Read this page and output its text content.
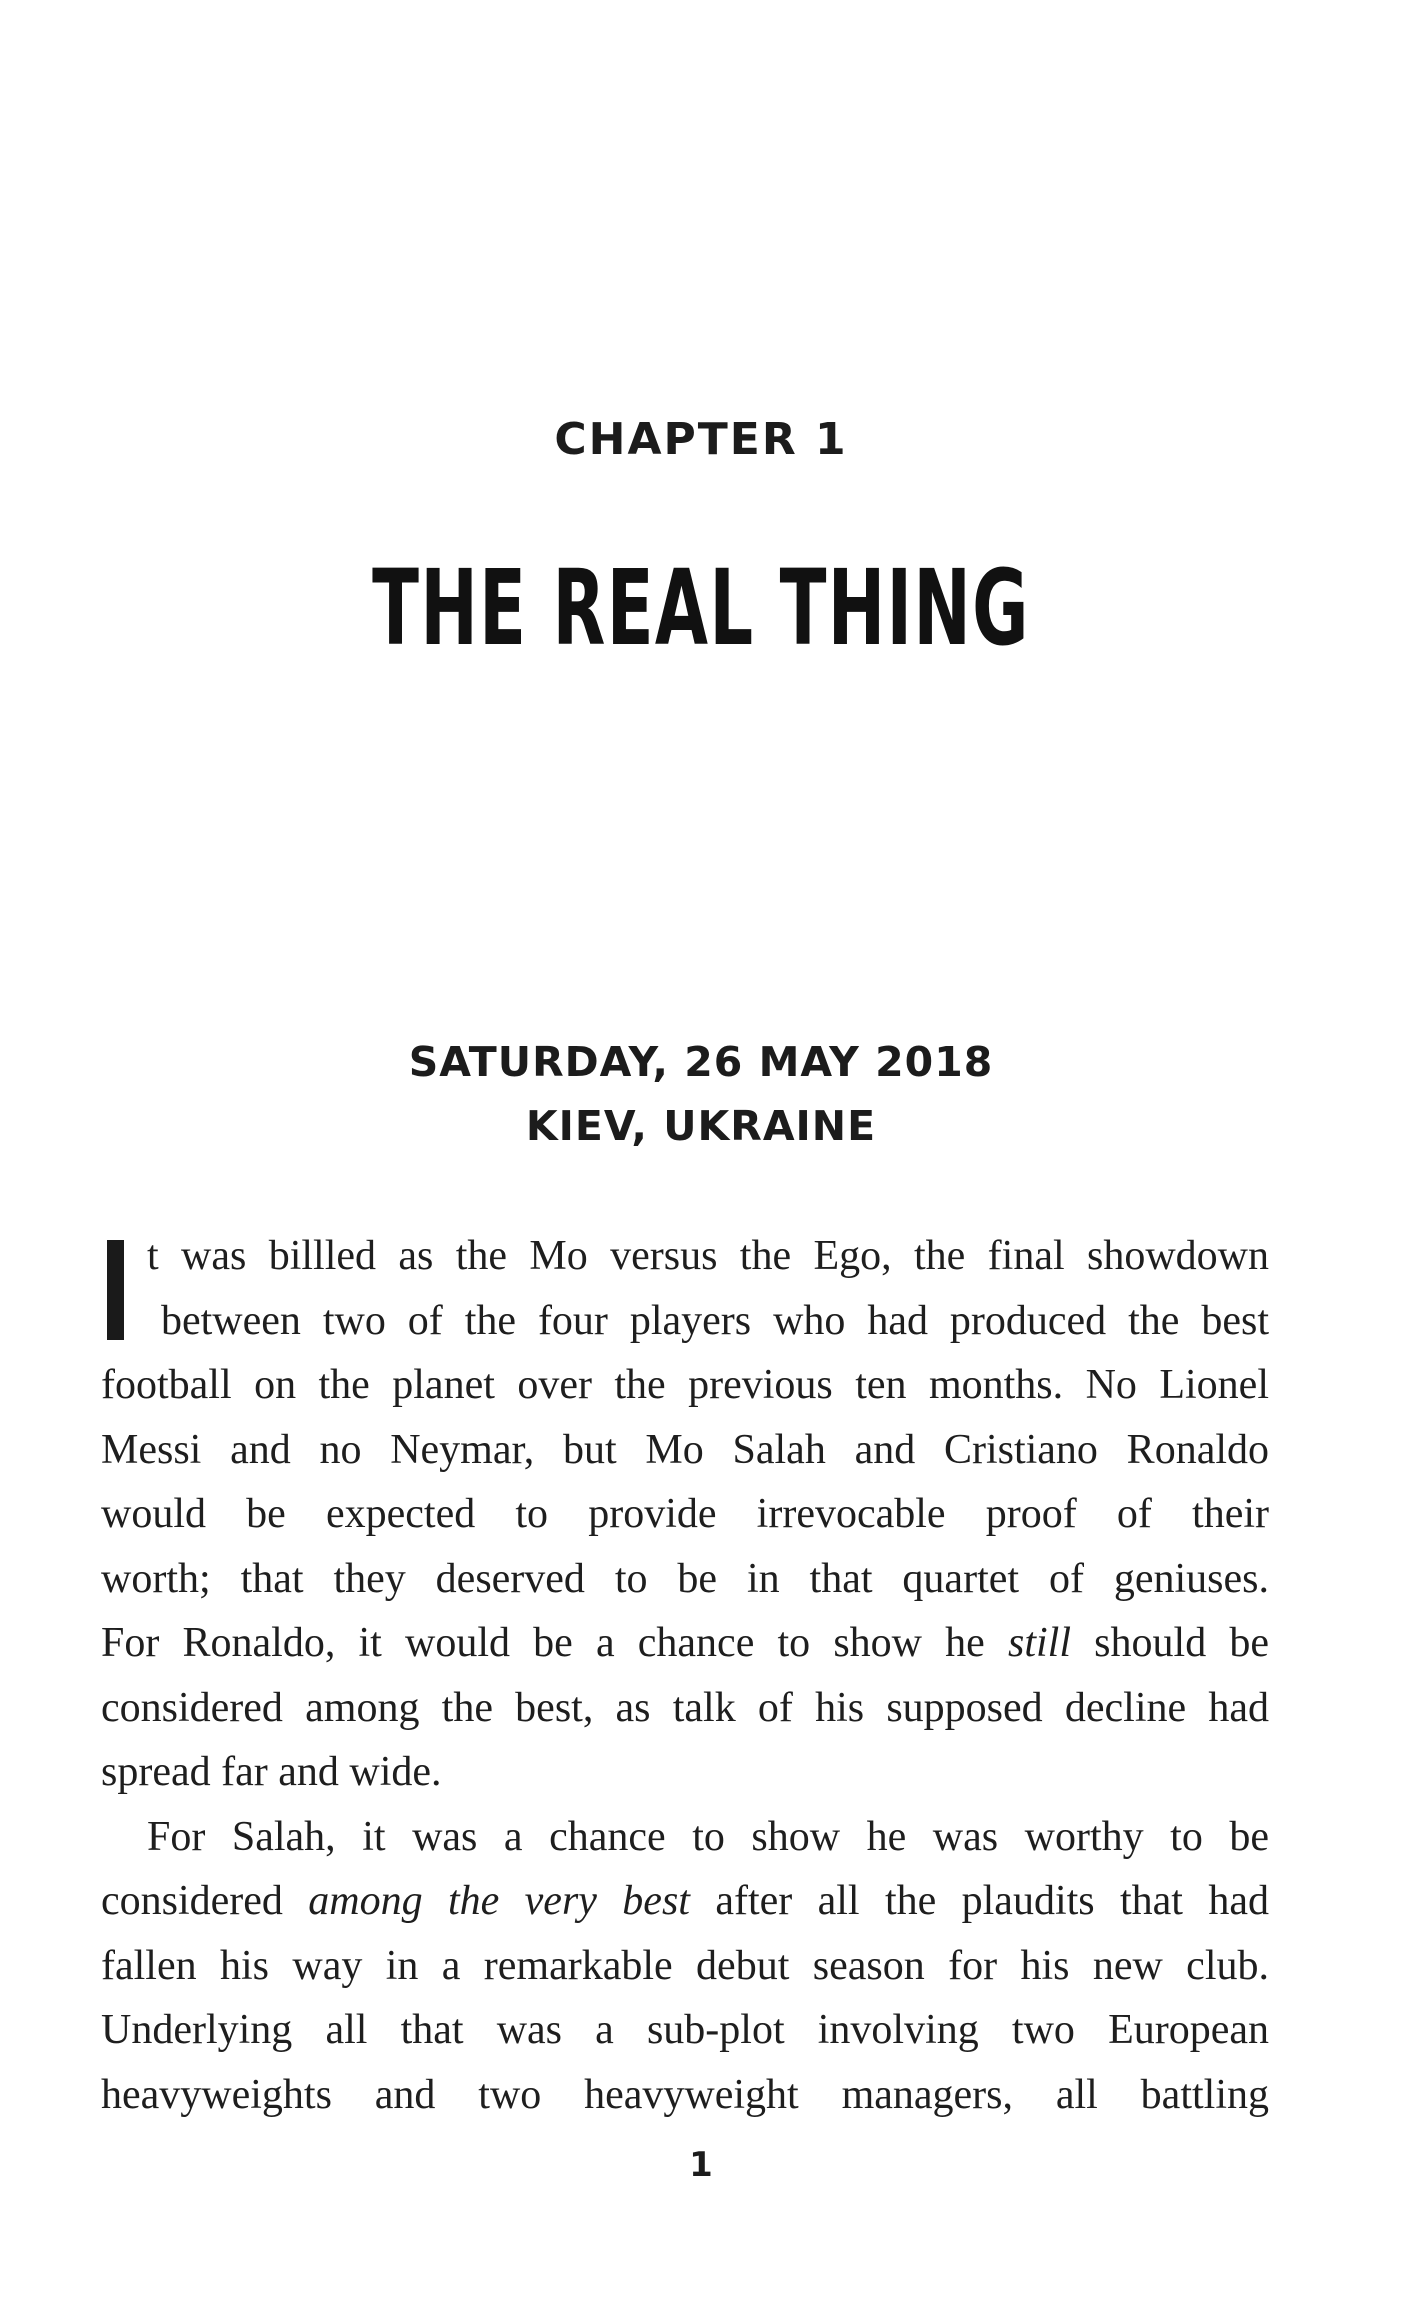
CHAPTER 1
THE REAL THING
SATURDAY, 26 MAY 2018
KIEV, UKRAINE
t was billled as the Mo versus the Ego, the final showdown
between two of the four players who had produced the best
football on the planet over the previous ten months. No Lionel
Messi and no Neymar, but Mo Salah and Cristiano Ronaldo
would be expected to provide irrevocable proof of their
worth; that they deserved to be in that quartet of geniuses.
For Ronaldo, it would be a chance to show he still should be
considered among the best, as talk of his supposed decline had
spread far and wide.
For Salah, it was a chance to show he was worthy to be
considered among the very best after all the plaudits that had
fallen his way in a remarkable debut season for his new club.
Underlying all that was a sub-plot involving two European
heavyweights and two heavyweight managers, all battling
1
